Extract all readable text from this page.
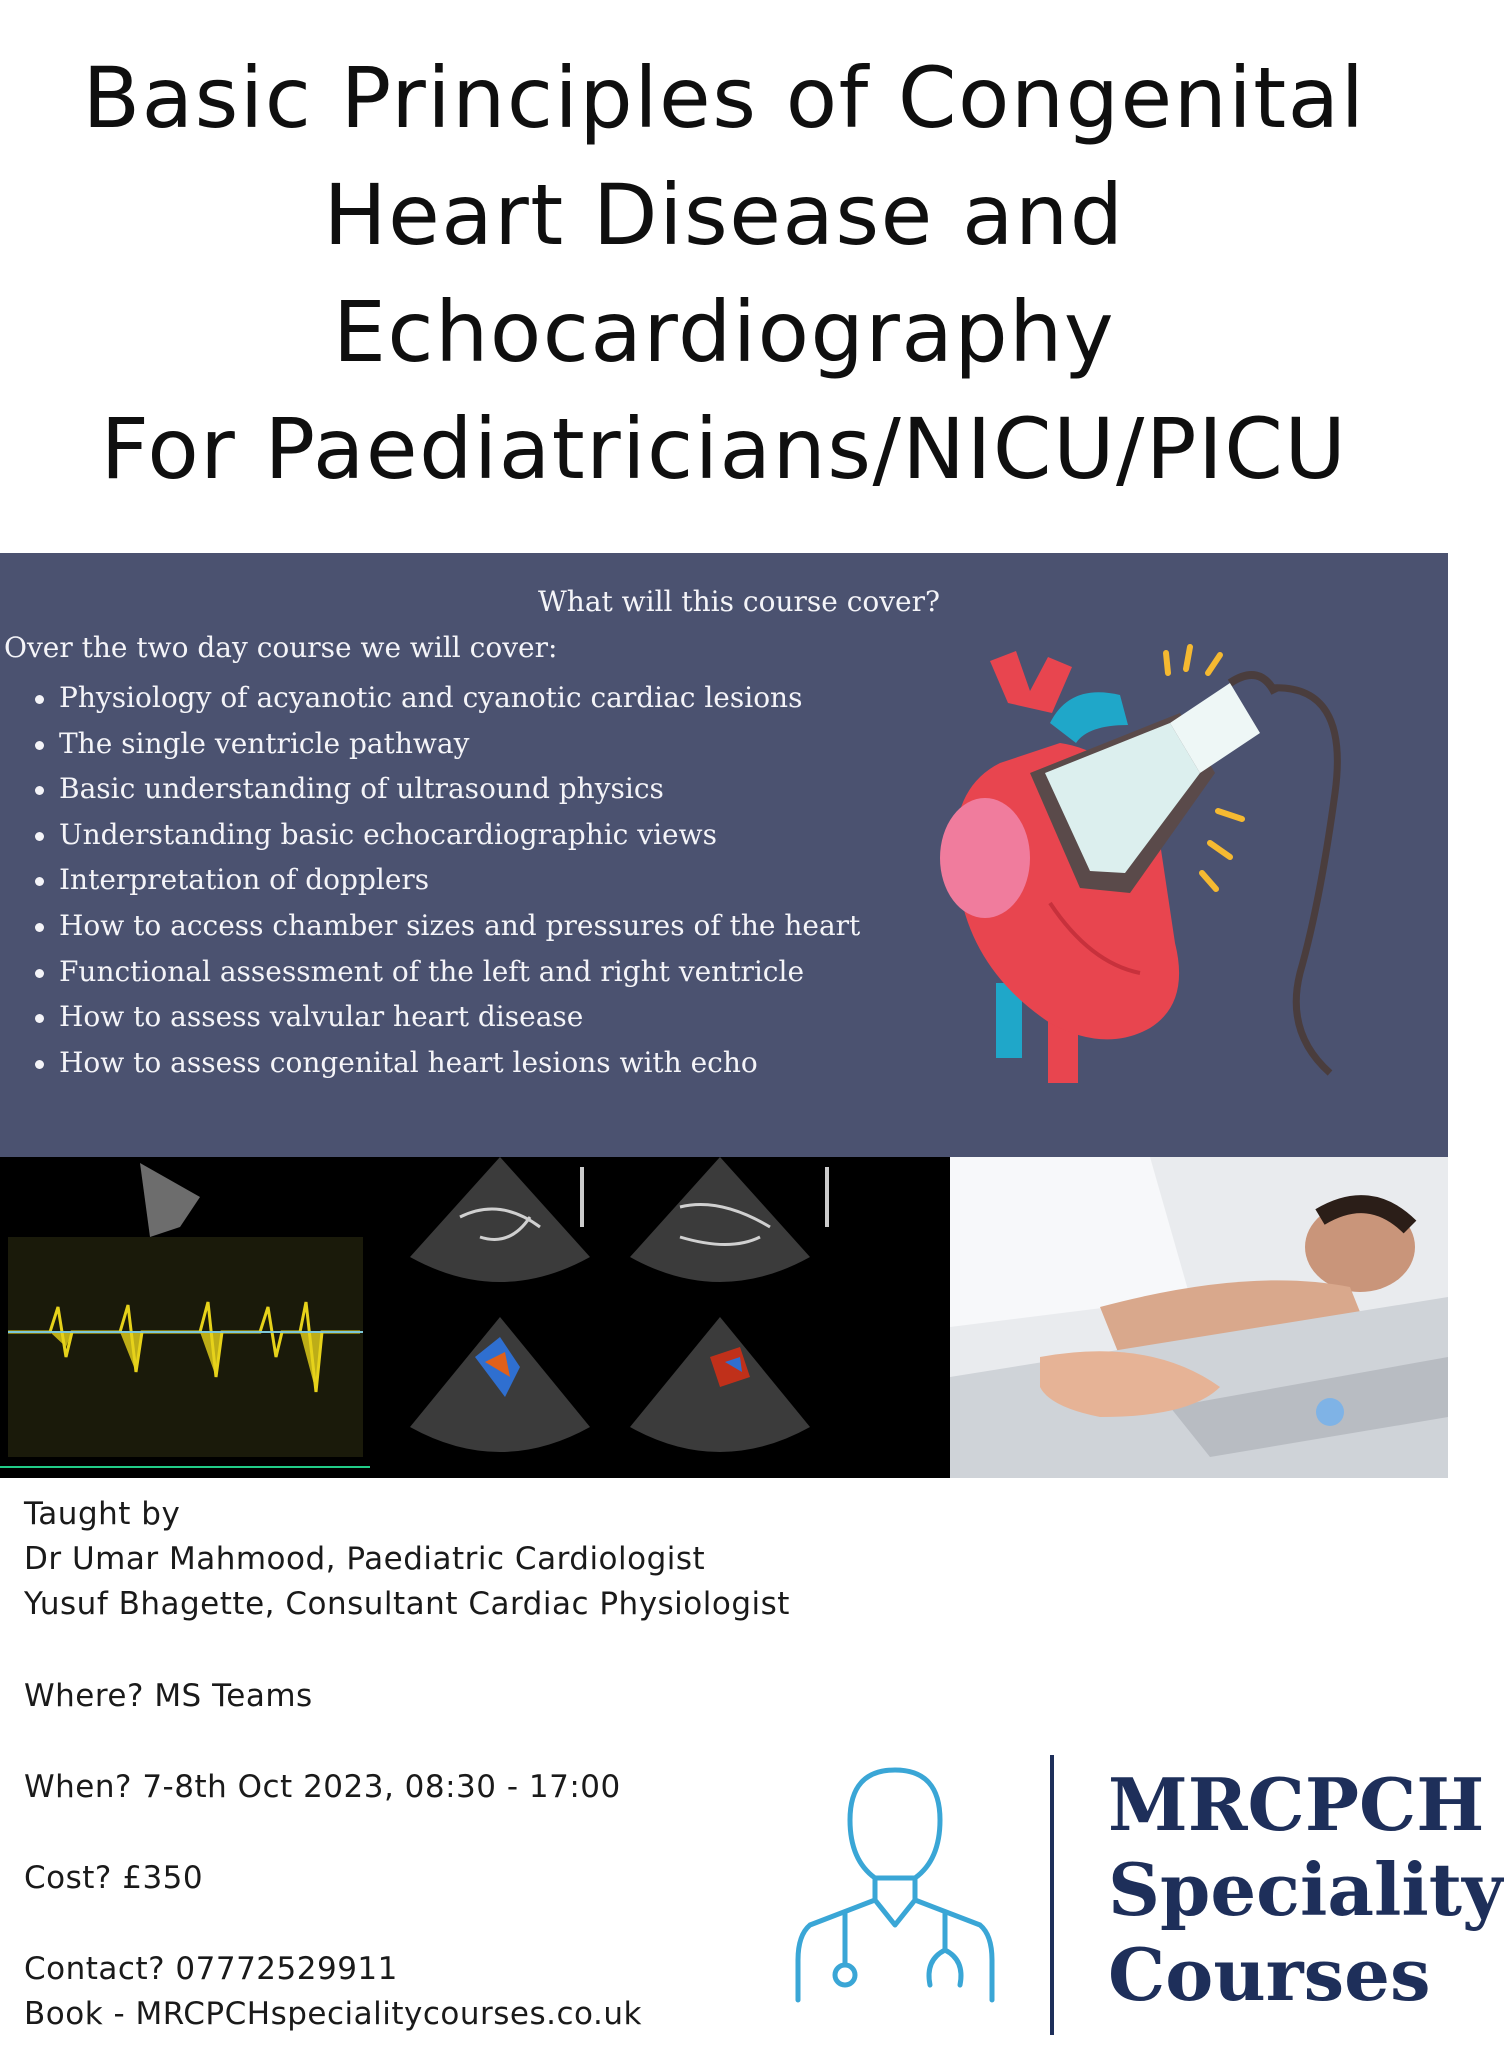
Basic Principles of Congenital
Heart Disease and
Echocardiography
For Paediatricians/NICU/PICU
What will this course cover?
Over the two day course we will cover:
Physiology of acyanotic and cyanotic cardiac lesions
The single ventricle pathway
Basic understanding of ultrasound physics
Understanding basic echocardiographic views
Interpretation of dopplers
How to access chamber sizes and pressures of the heart
Functional assessment of the left and right ventricle
How to assess valvular heart disease
How to assess congenital heart lesions with echo
Taught by
Dr Umar Mahmood, Paediatric Cardiologist
Yusuf Bhagette, Consultant Cardiac Physiologist
Where? MS Teams
When? 7-8th Oct 2023, 08:30 - 17:00
Cost? £350
Contact? 07772529911
Book - MRCPCHspecialitycourses.co.uk
MRCPCH
Speciality
Courses
